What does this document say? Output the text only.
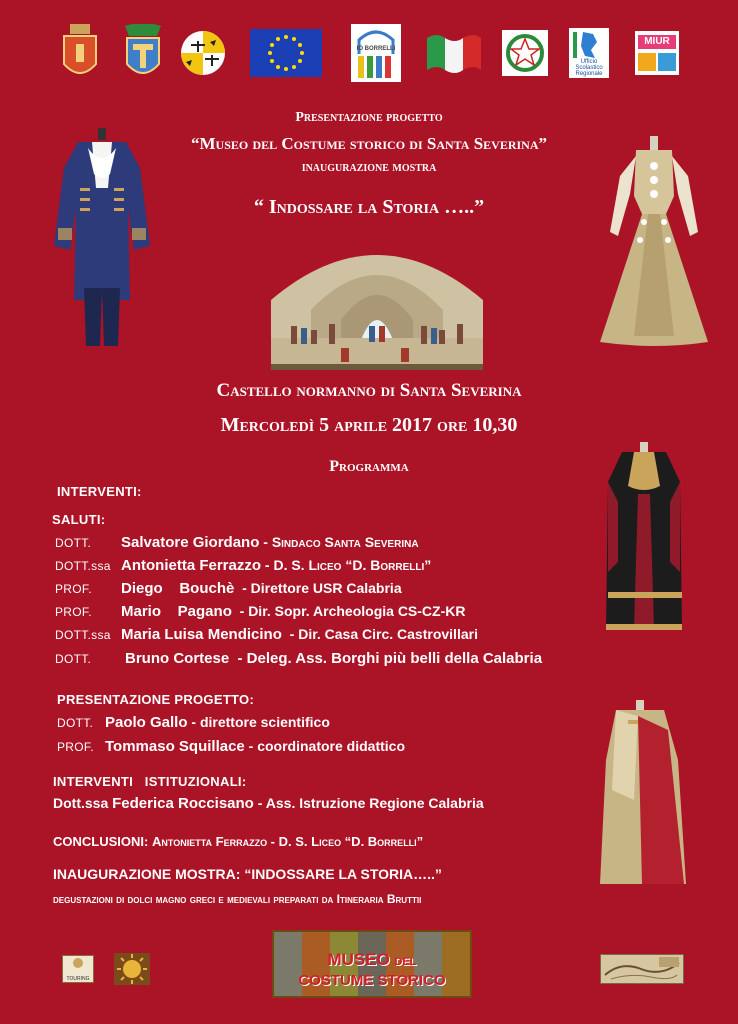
IO BORRELLI
Ufficio Scolastico Regionale
MIUR
Presentazione progetto
“Museo del Costume storico di Santa Severina”
inaugurazione mostra
“ Indossare la Storia …..”
Castello normanno di Santa Severina
Mercoledì 5 aprile 2017 ore 10,30
Programma
INTERVENTI:
SALUTI:
DOTT. Salvatore Giordano - Sindaco Santa Severina
DOTT.ssa Antonietta Ferrazzo - D. S. Liceo “D. Borrelli”
PROF. Diego    Bouchè  - Direttore USR Calabria
PROF. Mario    Pagano  - Dir. Sopr. Archeologia CS-CZ-KR
DOTT.ssa Maria Luisa Mendicino  - Dir. Casa Circ. Castrovillari
DOTT. Bruno Cortese  - Deleg. Ass. Borghi più belli della Calabria
PRESENTAZIONE PROGETTO:
DOTT. Paolo Gallo - direttore scientifico
PROF. Tommaso Squillace - coordinatore didattico
INTERVENTI   ISTITUZIONALI:
Dott.ssa Federica Roccisano - Ass. Istruzione Regione Calabria
CONCLUSIONI: Antonietta Ferrazzo - D. S. Liceo “D. Borrelli”
INAUGURAZIONE MOSTRA: “INDOSSARE LA STORIA…..”
degustazioni di dolci magno greci e medievali preparati da Itineraria Bruttii
TOURING
MUSEO DEL
COSTUME STORICO
